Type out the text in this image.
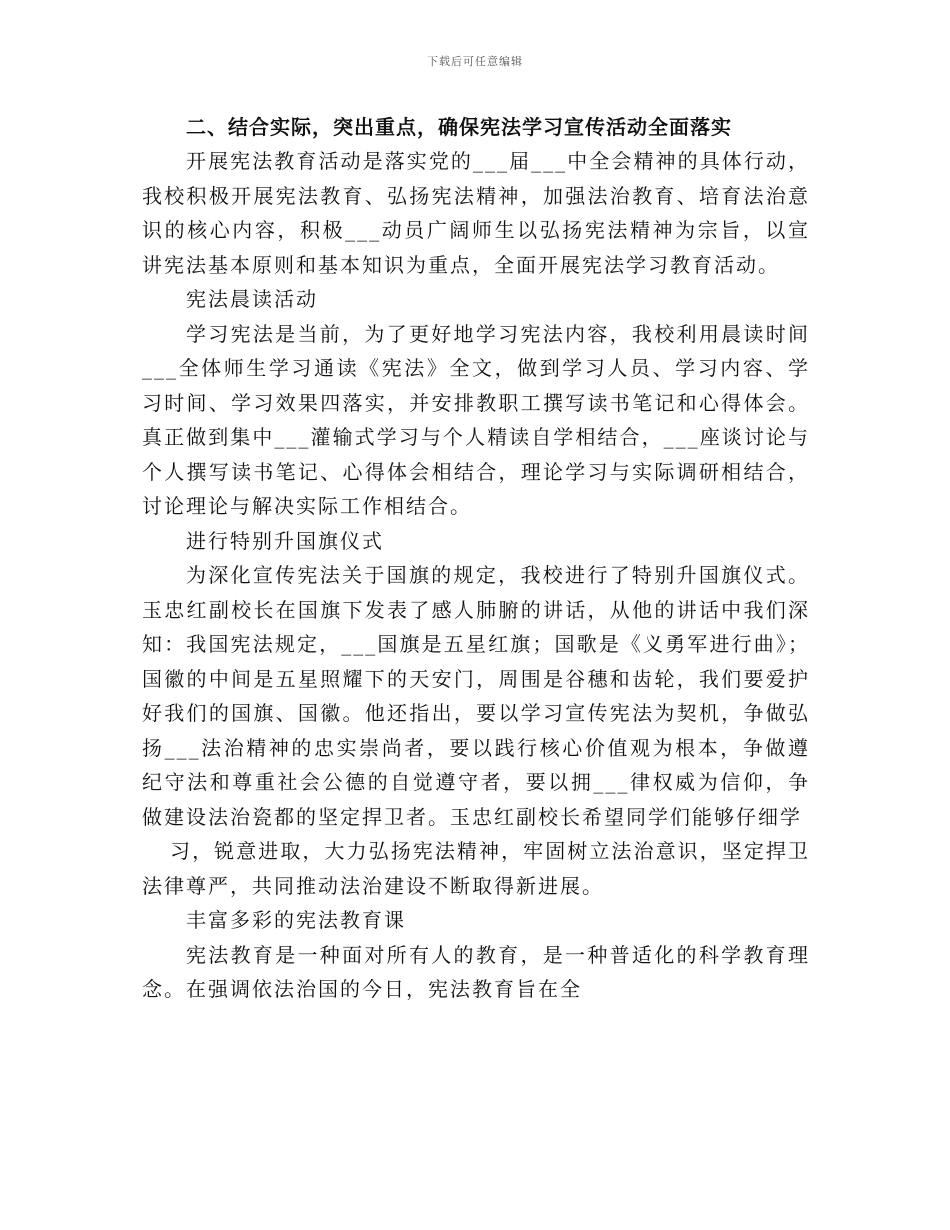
下载后可任意编辑

二、结合实际，突出重点，确保宪法学习宣传活动全面落实

开展宪法教育活动是落实党的___届___中全会精神的具体行动，我校积极开展宪法教育、弘扬宪法精神，加强法治教育、培育法治意识的核心内容，积极___动员广阔师生以弘扬宪法精神为宗旨，以宣讲宪法基本原则和基本知识为重点，全面开展宪法学习教育活动。

宪法晨读活动

学习宪法是当前，为了更好地学习宪法内容，我校利用晨读时间___全体师生学习通读《宪法》全文，做到学习人员、学习内容、学习时间、学习效果四落实，并安排教职工撰写读书笔记和心得体会。真正做到集中___灌输式学习与个人精读自学相结合，___座谈讨论与个人撰写读书笔记、心得体会相结合，理论学习与实际调研相结合，讨论理论与解决实际工作相结合。

进行特别升国旗仪式

为深化宣传宪法关于国旗的规定，我校进行了特别升国旗仪式。玉忠红副校长在国旗下发表了感人肺腑的讲话，从他的讲话中我们深知：我国宪法规定，___国旗是五星红旗；国歌是《义勇军进行曲》；国徽的中间是五星照耀下的天安门，周围是谷穗和齿轮，我们要爱护好我们的国旗、国徽。他还指出，要以学习宣传宪法为契机，争做弘扬___法治精神的忠实崇尚者，要以践行核心价值观为根本，争做遵纪守法和尊重社会公德的自觉遵守者，要以拥___律权威为信仰，争做建设法治瓷都的坚定捍卫者。玉忠红副校长希望同学们能够仔细学

习，锐意进取，大力弘扬宪法精神，牢固树立法治意识，坚定捍卫法律尊严，共同推动法治建设不断取得新进展。

丰富多彩的宪法教育课

宪法教育是一种面对所有人的教育，是一种普适化的科学教育理念。在强调依法治国的今日，宪法教育旨在全
